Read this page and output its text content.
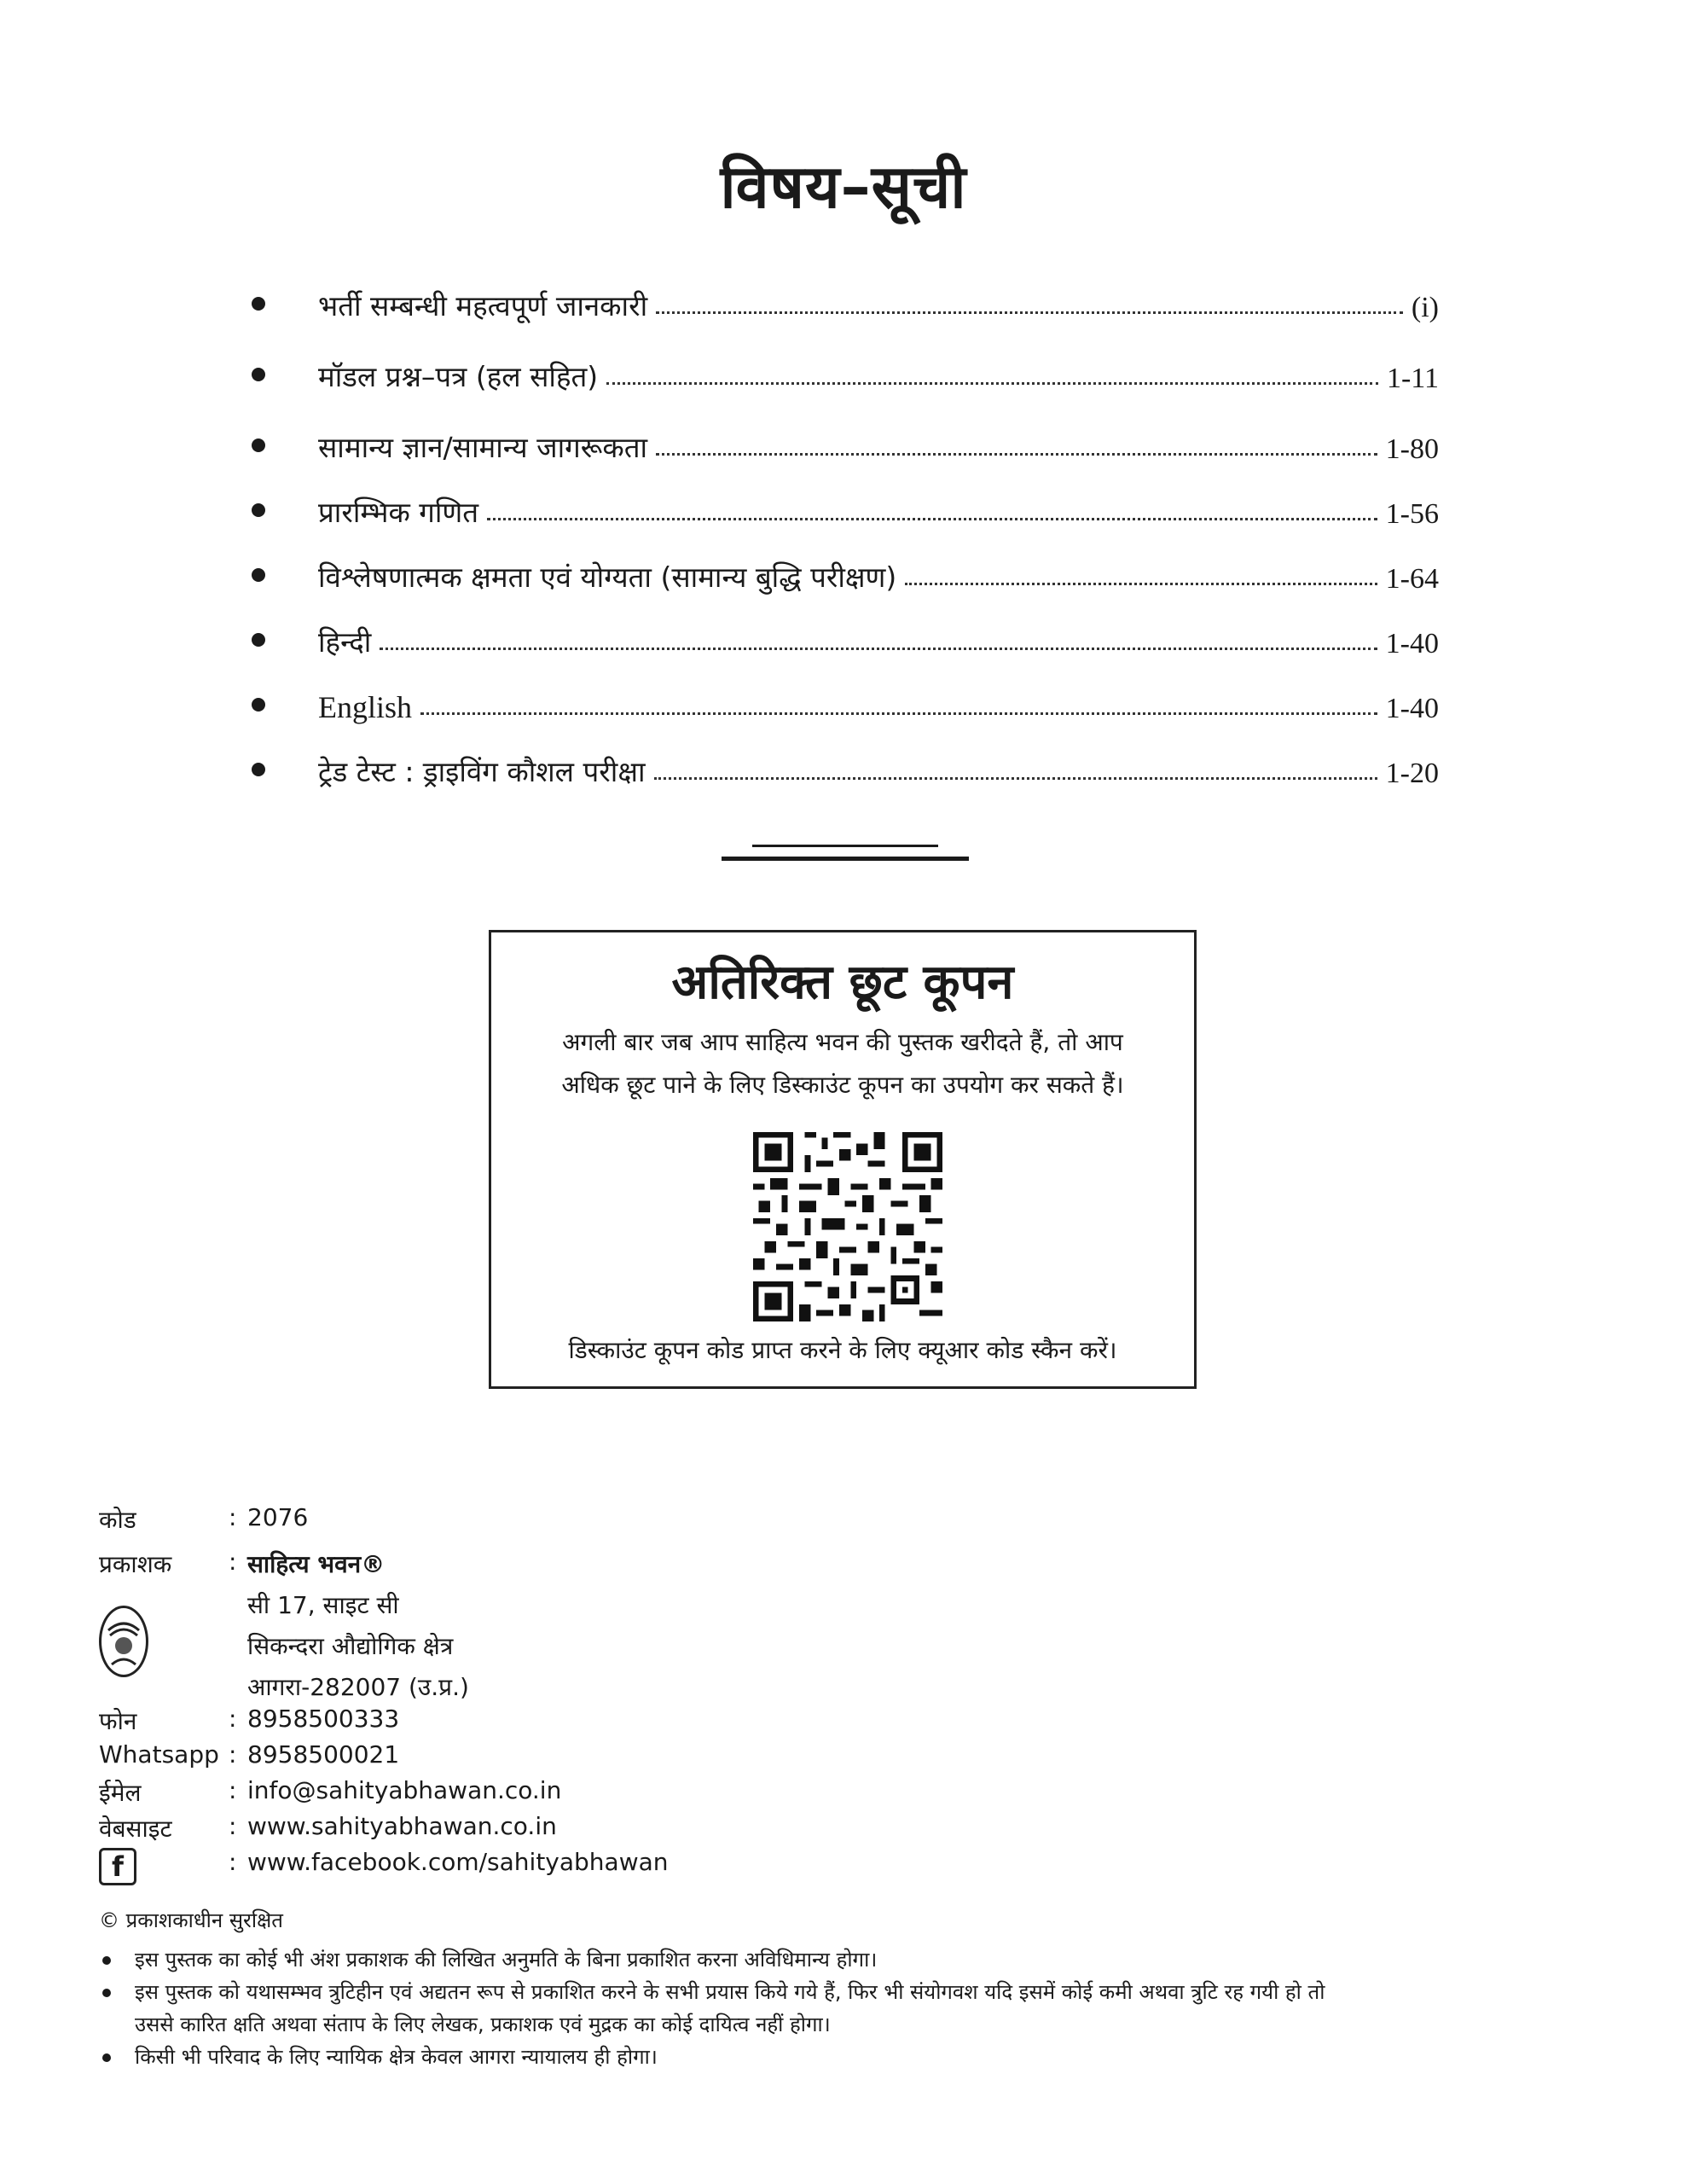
विषय–सूची
भर्ती सम्बन्धी महत्वपूर्ण जानकारी	(i)
मॉडल प्रश्न–पत्र (हल सहित)	1-11
सामान्य ज्ञान/सामान्य जागरूकता	1-80
प्रारम्भिक गणित	1-56
विश्लेषणात्मक क्षमता एवं योग्यता (सामान्य बुद्धि परीक्षण)	1-64
हिन्दी	1-40
English	1-40
ट्रेड टेस्ट : ड्राइविंग कौशल परीक्षा	1-20
अतिरिक्त छूट कूपन
अगली बार जब आप साहित्य भवन की पुस्तक खरीदते हैं, तो आप
अधिक छूट पाने के लिए डिस्काउंट कूपन का उपयोग कर सकते हैं।
डिस्काउंट कूपन कोड प्राप्त करने के लिए क्यूआर कोड स्कैन करें।
कोड	: 2076
प्रकाशक	: साहित्य भवन®
सी 17, साइट सी
सिकन्दरा औद्योगिक क्षेत्र
आगरा-282007 (उ.प्र.)
फोन	: 8958500333
Whatsapp : 8958500021
ईमेल	: info@sahityabhawan.co.in
वेबसाइट	: www.sahityabhawan.co.in
f	: www.facebook.com/sahityabhawan
© प्रकाशकाधीन सुरक्षित
इस पुस्तक का कोई भी अंश प्रकाशक की लिखित अनुमति के बिना प्रकाशित करना अविधिमान्य होगा।
इस पुस्तक को यथासम्भव त्रुटिहीन एवं अद्यतन रूप से प्रकाशित करने के सभी प्रयास किये गये हैं, फिर भी संयोगवश यदि इसमें कोई कमी अथवा त्रुटि रह गयी हो तो उससे कारित क्षति अथवा संताप के लिए लेखक, प्रकाशक एवं मुद्रक का कोई दायित्व नहीं होगा।
किसी भी परिवाद के लिए न्यायिक क्षेत्र केवल आगरा न्यायालय ही होगा।
